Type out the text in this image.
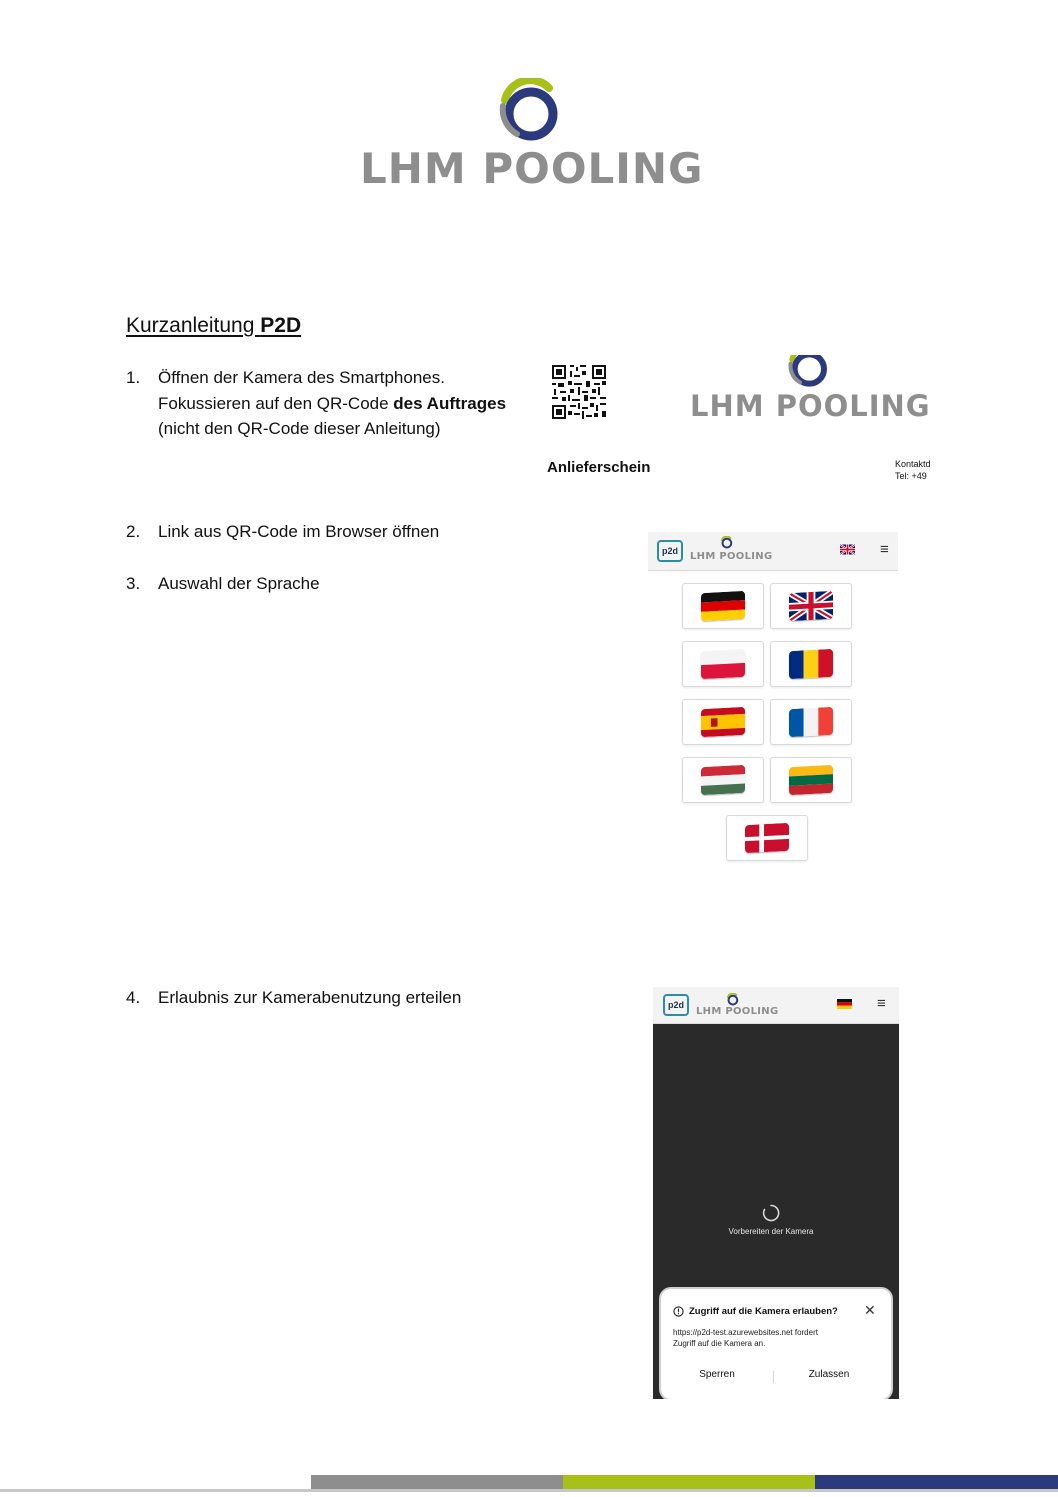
LHM POOLING
Kurzanleitung P2D
1.	Öffnen der Kamera des Smartphones.
Fokussieren auf den QR-Code des Auftrages
(nicht den QR-Code dieser Anleitung)
LHM POOLING
Anlieferschein	Kontaktd
Tel: +49
2.	Link aus QR-Code im Browser öffnen
3.	Auswahl der Sprache
p2d	LHM POOLING	≡
4.	Erlaubnis zur Kamerabenutzung erteilen	p2d
LHM POOLING	≡
Vorbereiten der Kamera
Zugriff auf die Kamera erlauben? ✕
https://p2d-test.azurewebsites.net fordert
Zugriff auf die Kamera an.
Sperren	Zulassen
